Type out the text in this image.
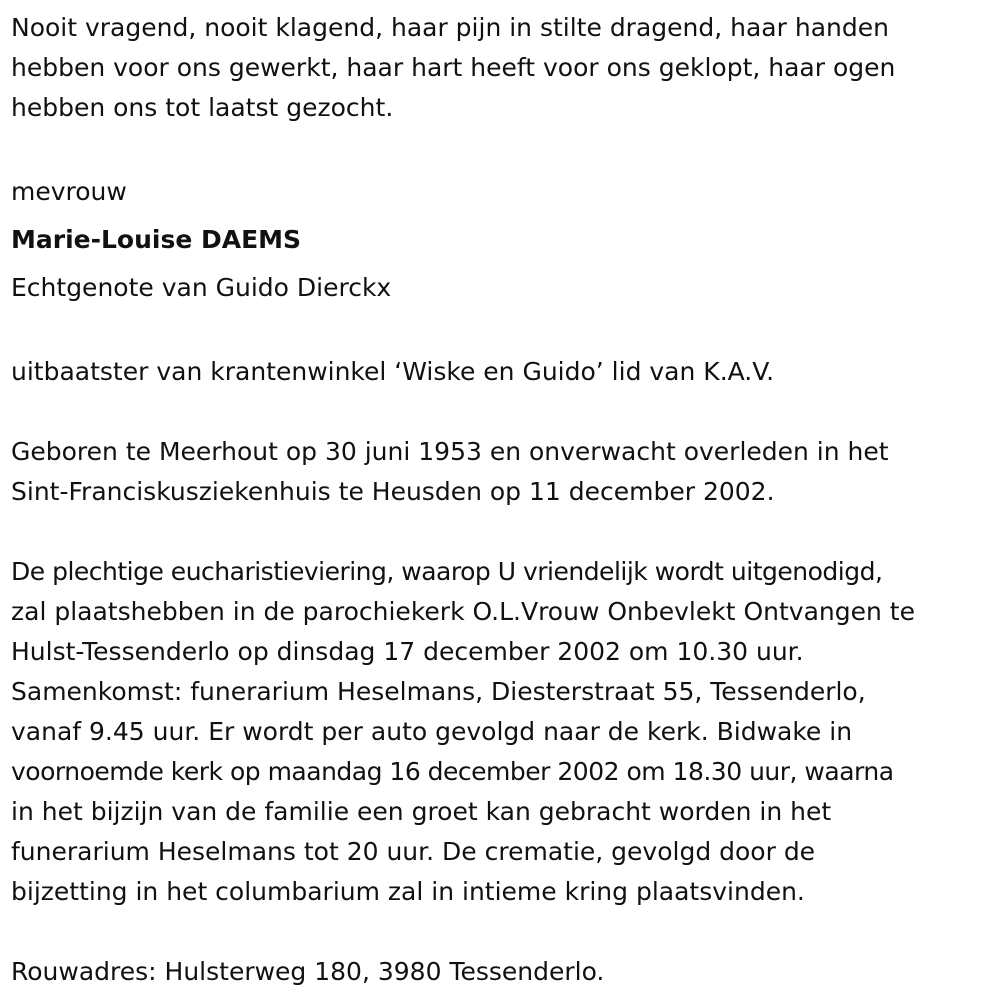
Nooit vragend, nooit klagend, haar pijn in stilte dragend, haar handen
hebben voor ons gewerkt, haar hart heeft voor ons geklopt, haar ogen
hebben ons tot laatst gezocht.
mevrouw
Marie-Louise DAEMS
Echtgenote van Guido Dierckx
uitbaatster van krantenwinkel ‘Wiske en Guido’ lid van K.A.V.
Geboren te Meerhout op 30 juni 1953 en onverwacht overleden in het
Sint-Franciskusziekenhuis te Heusden op 11 december 2002.
De plechtige eucharistieviering, waarop U vriendelijk wordt uitgenodigd,
zal plaatshebben in de parochiekerk O.L.Vrouw Onbevlekt Ontvangen te
Hulst-Tessenderlo op dinsdag 17 december 2002 om 10.30 uur.
Samenkomst: funerarium Heselmans, Diesterstraat 55, Tessenderlo,
vanaf 9.45 uur. Er wordt per auto gevolgd naar de kerk. Bidwake in
voornoemde kerk op maandag 16 december 2002 om 18.30 uur, waarna
in het bijzijn van de familie een groet kan gebracht worden in het
funerarium Heselmans tot 20 uur. De crematie, gevolgd door de
bijzetting in het columbarium zal in intieme kring plaatsvinden.
Rouwadres: Hulsterweg 180, 3980 Tessenderlo.
